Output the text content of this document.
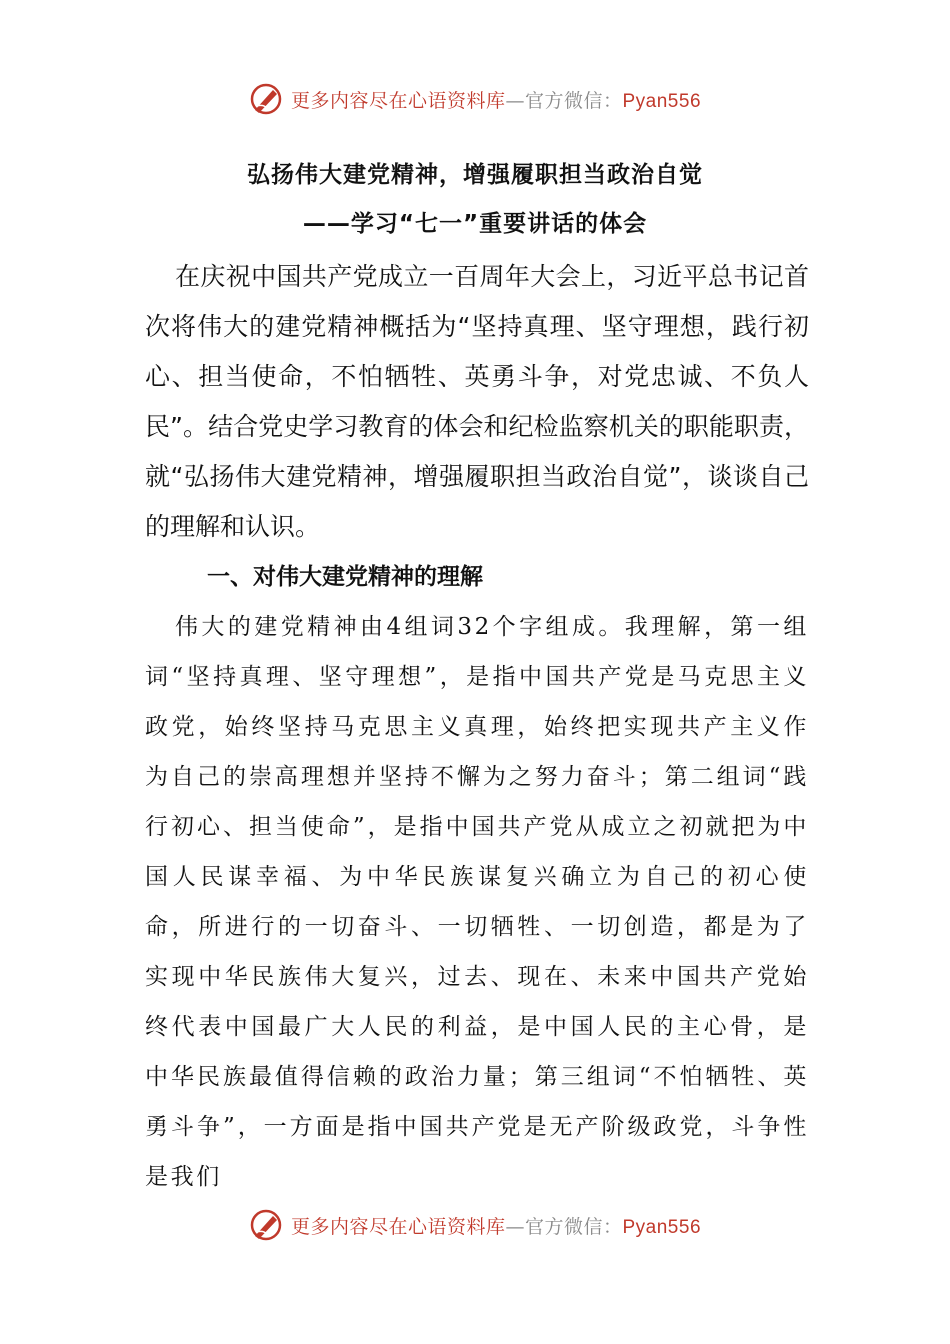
更多内容尽在心语资料库—官方微信：Pyan556
弘扬伟大建党精神，增强履职担当政治自觉
——学习“七一”重要讲话的体会

在庆祝中国共产党成立一百周年大会上，习近平总书记首次将伟大的建党精神概括为“坚持真理、坚守理想，践行初心、担当使命，不怕牺牲、英勇斗争，对党忠诚、不负人民”。结合党史学习教育的体会和纪检监察机关的职能职责，就“弘扬伟大建党精神，增强履职担当政治自觉”，谈谈自己的理解和认识。

一、对伟大建党精神的理解

伟大的建党精神由4组词32个字组成。我理解，第一组词“坚持真理、坚守理想”，是指中国共产党是马克思主义政党，始终坚持马克思主义真理，始终把实现共产主义作为自己的崇高理想并坚持不懈为之努力奋斗；第二组词“践行初心、担当使命”，是指中国共产党从成立之初就把为中国人民谋幸福、为中华民族谋复兴确立为自己的初心使命，所进行的一切奋斗、一切牺牲、一切创造，都是为了实现中华民族伟大复兴，过去、现在、未来中国共产党始终代表中国最广大人民的利益，是中国人民的主心骨，是中华民族最值得信赖的政治力量；第三组词“不怕牺牲、英勇斗争”，一方面是指中国共产党是无产阶级政党，斗争性是我们

更多内容尽在心语资料库—官方微信：Pyan556
